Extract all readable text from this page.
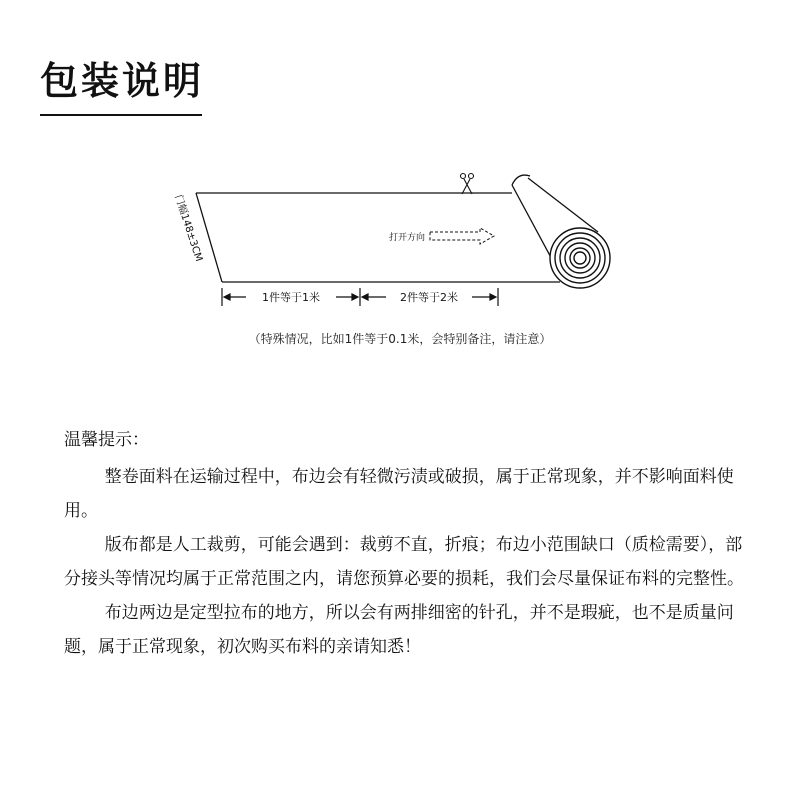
包装说明
打开方向
门幅148±3CM
1件等于1米	2件等于2米
（特殊情况，比如1件等于0.1米，会特别备注，请注意）

温馨提示：

整卷面料在运输过程中，布边会有轻微污渍或破损，属于正常现象，并不影响面料使用。

版布都是人工裁剪，可能会遇到：裁剪不直，折痕；布边小范围缺口（质检需要），部分接头等情况均属于正常范围之内，请您预算必要的损耗，我们会尽量保证布料的完整性。

布边两边是定型拉布的地方，所以会有两排细密的针孔，并不是瑕疵，也不是质量问题，属于正常现象，初次购买布料的亲请知悉！
